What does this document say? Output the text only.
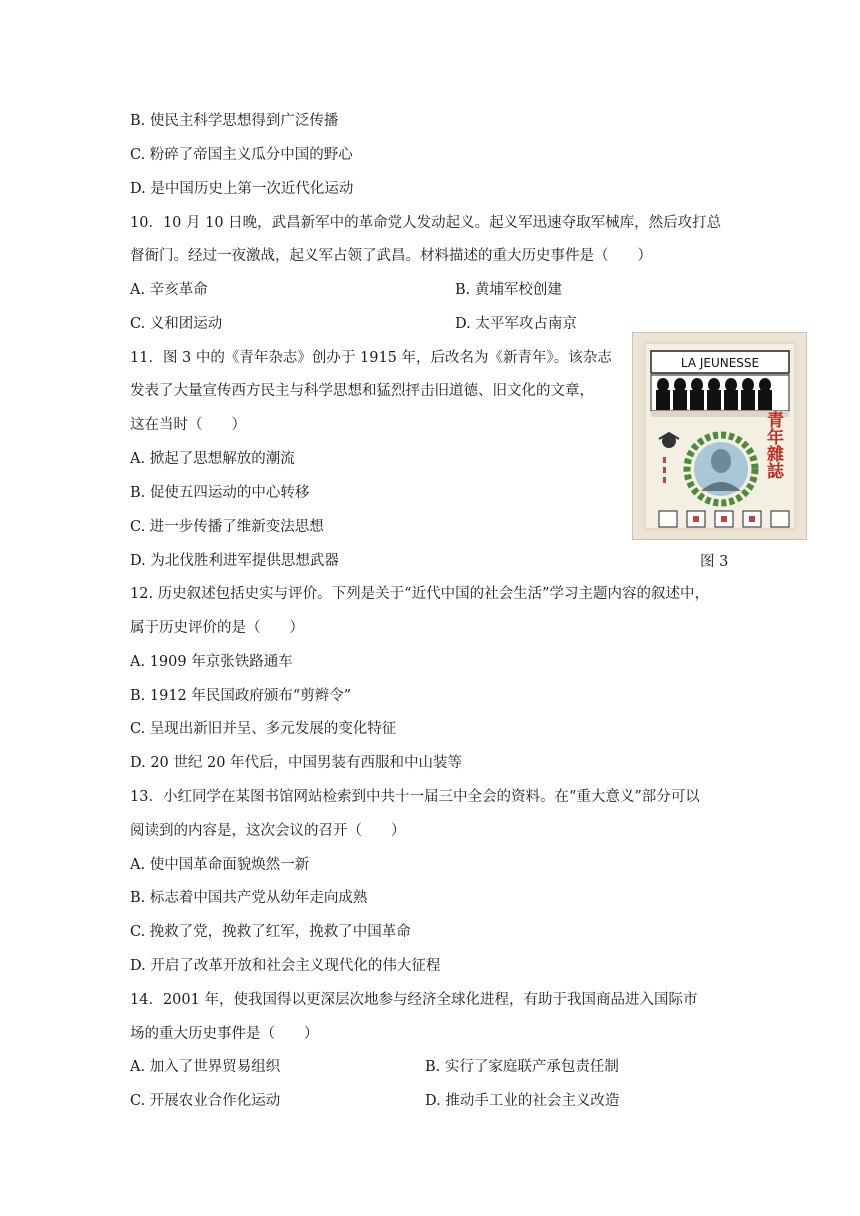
B. 使民主科学思想得到广泛传播
C. 粉碎了帝国主义瓜分中国的野心
D. 是中国历史上第一次近代化运动
10．10 月 10 日晚，武昌新军中的革命党人发动起义。起义军迅速夺取军械库，然后攻打总
督衙门。经过一夜激战，起义军占领了武昌。材料描述的重大历史事件是（　　）
A. 辛亥革命	B. 黄埔军校创建
C. 义和团运动	D. 太平军攻占南京
11．图 3 中的《青年杂志》创办于 1915 年，后改名为《新青年》。该杂志
发表了大量宣传西方民主与科学思想和猛烈抨击旧道德、旧文化的文章，
这在当时（　　）
A. 掀起了思想解放的潮流
B. 促使五四运动的中心转移
C. 进一步传播了维新变法思想
D. 为北伐胜利进军提供思想武器
LA JEUNESSE
青年雜誌
图 3
12. 历史叙述包括史实与评价。下列是关于“近代中国的社会生活”学习主题内容的叙述中，
属于历史评价的是（　　）
A. 1909 年京张铁路通车
B. 1912 年民国政府颁布“剪辫令”
C. 呈现出新旧并呈、多元发展的变化特征
D. 20 世纪 20 年代后，中国男装有西服和中山装等
13．小红同学在某图书馆网站检索到中共十一届三中全会的资料。在“重大意义”部分可以
阅读到的内容是，这次会议的召开（　　）
A. 使中国革命面貌焕然一新
B. 标志着中国共产党从幼年走向成熟
C. 挽救了党，挽救了红军，挽救了中国革命
D. 开启了改革开放和社会主义现代化的伟大征程
14．2001 年，使我国得以更深层次地参与经济全球化进程，有助于我国商品进入国际市
场的重大历史事件是（　　）
A. 加入了世界贸易组织	B. 实行了家庭联产承包责任制
C. 开展农业合作化运动	D. 推动手工业的社会主义改造
